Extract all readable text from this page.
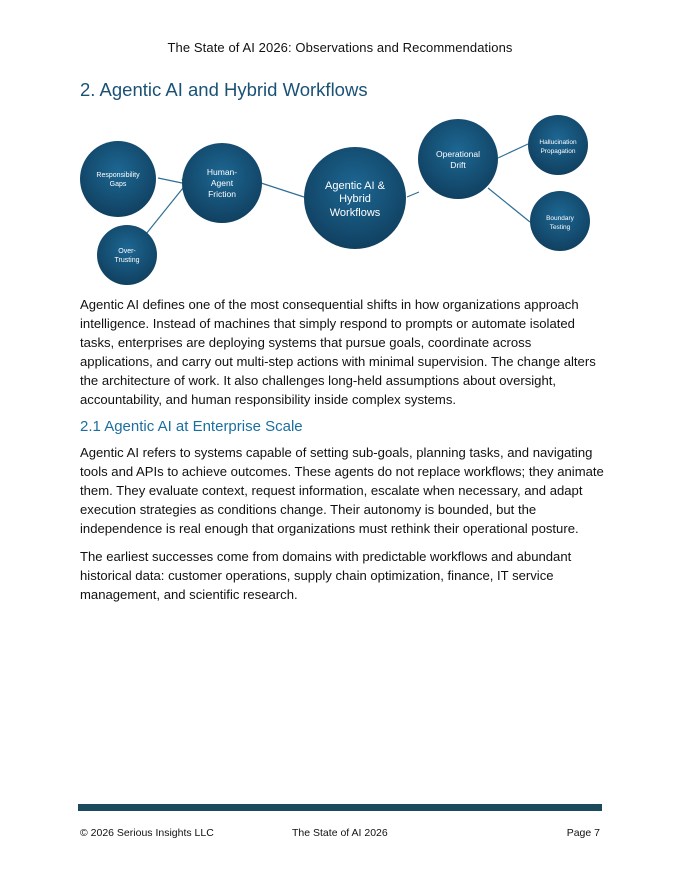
The State of AI 2026: Observations and Recommendations
2. Agentic AI and Hybrid Workflows
Responsibility
Gaps
Over-
Trusting
Human-
Agent
Friction
Agentic AI &
Hybrid
Workflows
Operational
Drift
Hallucination
Propagation
Boundary
Testing

Agentic AI defines one of the most consequential shifts in how organizations approach intelligence. Instead of machines that simply respond to prompts or automate isolated tasks, enterprises are deploying systems that pursue goals, coordinate across applications, and carry out multi-step actions with minimal supervision. The change alters the architecture of work. It also challenges long-held assumptions about oversight, accountability, and human responsibility inside complex systems.

2.1 Agentic AI at Enterprise Scale

Agentic AI refers to systems capable of setting sub-goals, planning tasks, and navigating tools and APIs to achieve outcomes. These agents do not replace workflows; they animate them. They evaluate context, request information, escalate when necessary, and adapt execution strategies as conditions change. Their autonomy is bounded, but the independence is real enough that organizations must rethink their operational posture.

The earliest successes come from domains with predictable workflows and abundant historical data: customer operations, supply chain optimization, finance, IT service management, and scientific research.

© 2026 Serious Insights LLC	The State of AI 2026	Page 7
